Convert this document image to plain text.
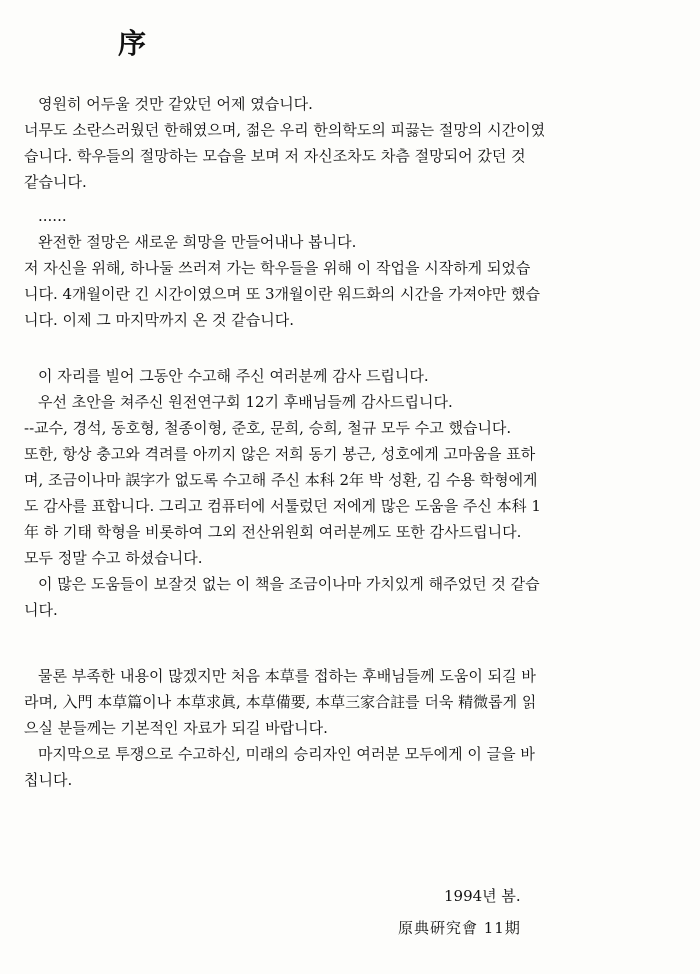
序
영원히 어두울 것만 같았던 어제 였습니다.
너무도 소란스러웠던 한해였으며, 젊은 우리 한의학도의 피끓는 절망의 시간이였
습니다. 학우들의 절망하는 모습을 보며 저 자신조차도 차츰 절망되어 갔던 것
같습니다.
......
완전한 절망은 새로운 희망을 만들어내나 봅니다.
저 자신을 위해, 하나둘 쓰러져 가는 학우들을 위해 이 작업을 시작하게 되었습
니다. 4개월이란 긴 시간이였으며 또 3개월이란 워드화의 시간을 가져야만 했습
니다. 이제 그 마지막까지 온 것 같습니다.
이 자리를 빌어 그동안 수고해 주신 여러분께 감사 드립니다.
우선 초안을 쳐주신 원전연구회 12기 후배님들께 감사드립니다.
--교수, 경석, 동호형, 철종이형, 준호, 문희, 승희, 철규 모두 수고 했습니다.
또한, 항상 충고와 격려를 아끼지 않은 저희 동기 봉근, 성호에게 고마움을 표하
며, 조금이나마 誤字가 없도록 수고해 주신 本科 2年 박 성환, 김 수용 학형에게
도 감사를 표합니다. 그리고 컴퓨터에 서툴렀던 저에게 많은 도움을 주신 本科 1
年 하 기태 학형을 비롯하여 그외 전산위원회 여러분께도 또한 감사드립니다.
모두 정말 수고 하셨습니다.
이 많은 도움들이 보잘것 없는 이 책을 조금이나마 가치있게 해주었던 것 같습
니다.
물론 부족한 내용이 많겠지만 처음 本草를 접하는 후배님들께 도움이 되길 바
라며, 入門 本草篇이나 本草求眞, 本草備要, 本草三家合註를 더욱 精微롭게 읽
으실 분들께는 기본적인 자료가 되길 바랍니다.
마지막으로 투쟁으로 수고하신, 미래의 승리자인 여러분 모두에게 이 글을 바
칩니다.
1994년 봄.
原典硏究會 11期
